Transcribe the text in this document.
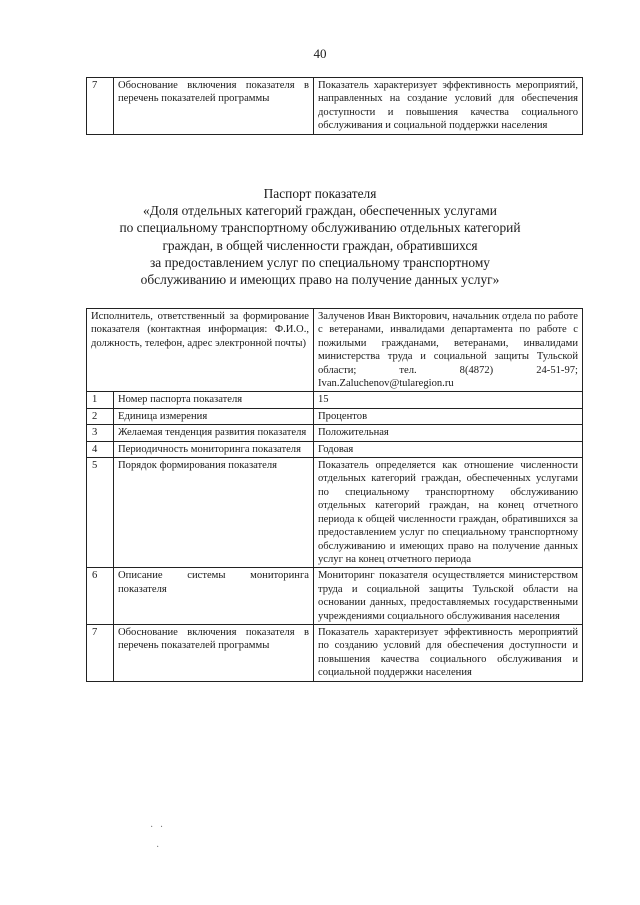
40
7	Обоснование включения показателя в перечень показателей программы	Показатель характеризует эффективность мероприятий, направленных на создание условий для обеспечения доступности и повышения качества социального обслуживания и социальной поддержки населения
Паспорт показателя
«Доля отдельных категорий граждан, обеспеченных услугами
по специальному транспортному обслуживанию отдельных категорий
граждан, в общей численности граждан, обратившихся
за предоставлением услуг по специальному транспортному
обслуживанию и имеющих право на получение данных услуг»
Исполнитель, ответственный за формирование показателя (контактная информация: Ф.И.О., должность, телефон, адрес электронной почты)		Залученов Иван Викторович, начальник отдела по работе с ветеранами, инвалидами департамента по работе с пожилыми гражданами, ветеранами, инвалидами министерства труда и социальной защиты Тульской области; тел. 8(4872) 24-51-97; Ivan.Zaluchenov@tularegion.ru
1	Номер паспорта показателя	15
2	Единица измерения	Процентов
3	Желаемая тенденция развития показателя	Положительная
4	Периодичность мониторинга показателя	Годовая
5	Порядок формирования показателя	Показатель определяется как отношение численности отдельных категорий граждан, обеспеченных услугами по специальному транспортному обслуживанию отдельных категорий граждан, на конец отчетного периода к общей численности граждан, обратившихся за предоставлением услуг по специальному транспортному обслуживанию и имеющих право на получение данных услуг на конец отчетного периода
6	Описание системы мониторинга показателя	Мониторинг показателя осуществляется министерством труда и социальной защиты Тульской области на основании данных, предоставляемых государственными учреждениями социального обслуживания населения
7	Обоснование включения показателя в перечень показателей программы	Показатель характеризует эффективность мероприятий по созданию условий для обеспечения доступности и повышения качества социального обслуживания и социальной поддержки населения
· ·
·
